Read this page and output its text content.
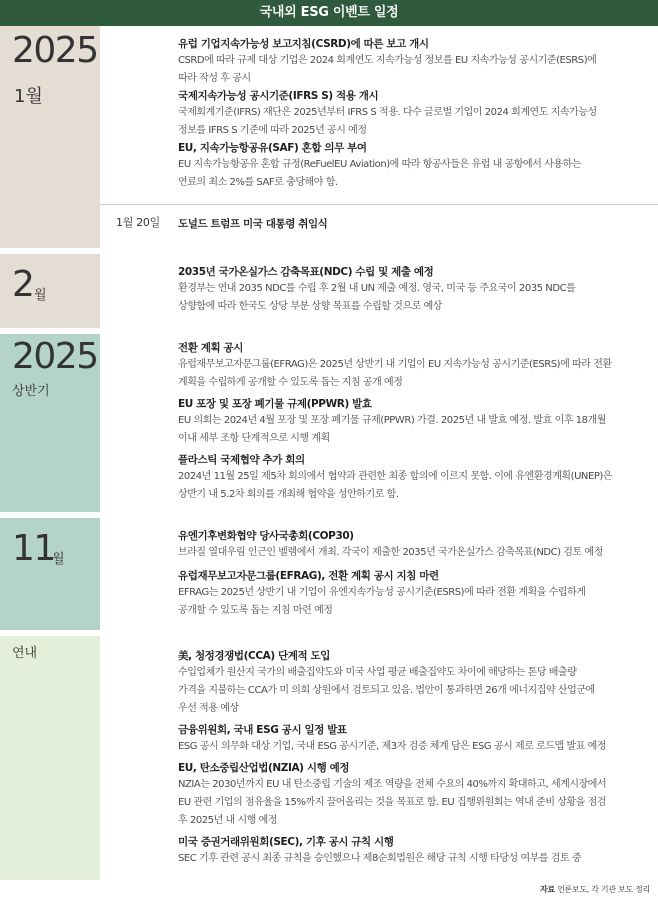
국내외 ESG 이벤트 일정
2025
1월
유럽 기업지속가능성 보고지침(CSRD)에 따른 보고 개시
CSRD에 따라 규제 대상 기업은 2024 회계연도 지속가능성 정보를 EU 지속가능성 공시기준(ESRS)에
따라 작성 후 공시
국제지속가능성 공시기준(IFRS S) 적용 개시
국제회계기준(IFRS) 재단은 2025년부터 IFRS S 적용. 다수 글로벌 기업이 2024 회계연도 지속가능성
정보를 IFRS S 기준에 따라 2025년 공시 예정
EU, 지속가능항공유(SAF) 혼합 의무 부여
EU 지속가능항공유 혼합 규정(ReFuelEU Aviation)에 따라 항공사들은 유럽 내 공항에서 사용하는
연료의 최소 2%를 SAF로 충당해야 함.
1월 20일 도널드 트럼프 미국 대통령 취임식
2 월
2035년 국가온실가스 감축목표(NDC) 수립 및 제출 예정
환경부는 연내 2035 NDC를 수립 후 2월 내 UN 제출 예정. 영국, 미국 등 주요국이 2035 NDC를
상향함에 따라 한국도 상당 부분 상향 목표를 수립할 것으로 예상
2025
상반기
전환 계획 공시
유럽재무보고자문그룹(EFRAG)은 2025년 상반기 내 기업이 EU 지속가능성 공시기준(ESRS)에 따라 전환
계획을 수립하게 공개할 수 있도록 돕는 지침 공개 예정
EU 포장 및 포장 폐기물 규제(PPWR) 발효
EU 의회는 2024년 4월 포장 및 포장 폐기물 규제(PPWR) 가결. 2025년 내 발효 예정. 발효 이후 18개월
이내 세부 조항 단계적으로 시행 계획
플라스틱 국제협약 추가 회의
2024년 11월 25일 제5차 회의에서 협약과 관련한 최종 합의에 이르지 못함. 이에 유엔환경계획(UNEP)은
상반기 내 5.2차 회의를 개최해 협약을 성안하기로 함.
11
월
유엔기후변화협약 당사국총회(COP30)
브라질 열대우림 인근인 벨렘에서 개최. 각국이 제출한 2035년 국가온실가스 감축목표(NDC) 검토 예정
유럽재무보고자문그룹(EFRAG), 전환 계획 공시 지침 마련
EFRAG는 2025년 상반기 내 기업이 유엔지속가능성 공시기준(ESRS)에 따라 전환 계획을 수립하게
공개할 수 있도록 돕는 지침 마련 예정
연내	美, 청정경쟁법(CCA) 단계적 도입
수입업체가 원산지 국가의 배출집약도와 미국 사업 평균 배출집약도 차이에 해당하는 톤당 배출량
가격을 지불하는 CCA가 미 의회 상원에서 검토되고 있음. 법안이 통과하면 26개 에너지집약 산업군에
우선 적용 예상
금융위원회, 국내 ESG 공시 일정 발표
ESG 공시 의무화 대상 기업, 국내 ESG 공시기준, 제3자 검증 체계 담은 ESG 공시 제로 로드맵 발표 예정
EU, 탄소중립산업법(NZIA) 시행 예정
NZIA는 2030년까지 EU 내 탄소중립 기술의 제조 역량을 전체 수요의 40%까지 확대하고, 세계시장에서
EU 관련 기업의 점유율을 15%까지 끌어올리는 것을 목표로 함. EU 집행위원회는 역내 준비 상황을 점검
후 2025년 내 시행 예정
미국 증권거래위원회(SEC), 기후 공시 규칙 시행
SEC 기후 관련 공시 최종 규칙을 승인했으나 제8순회법원은 해당 규칙 시행 타당성 여부를 검토 중
자료 언론보도, 각 기관 보도 정리
